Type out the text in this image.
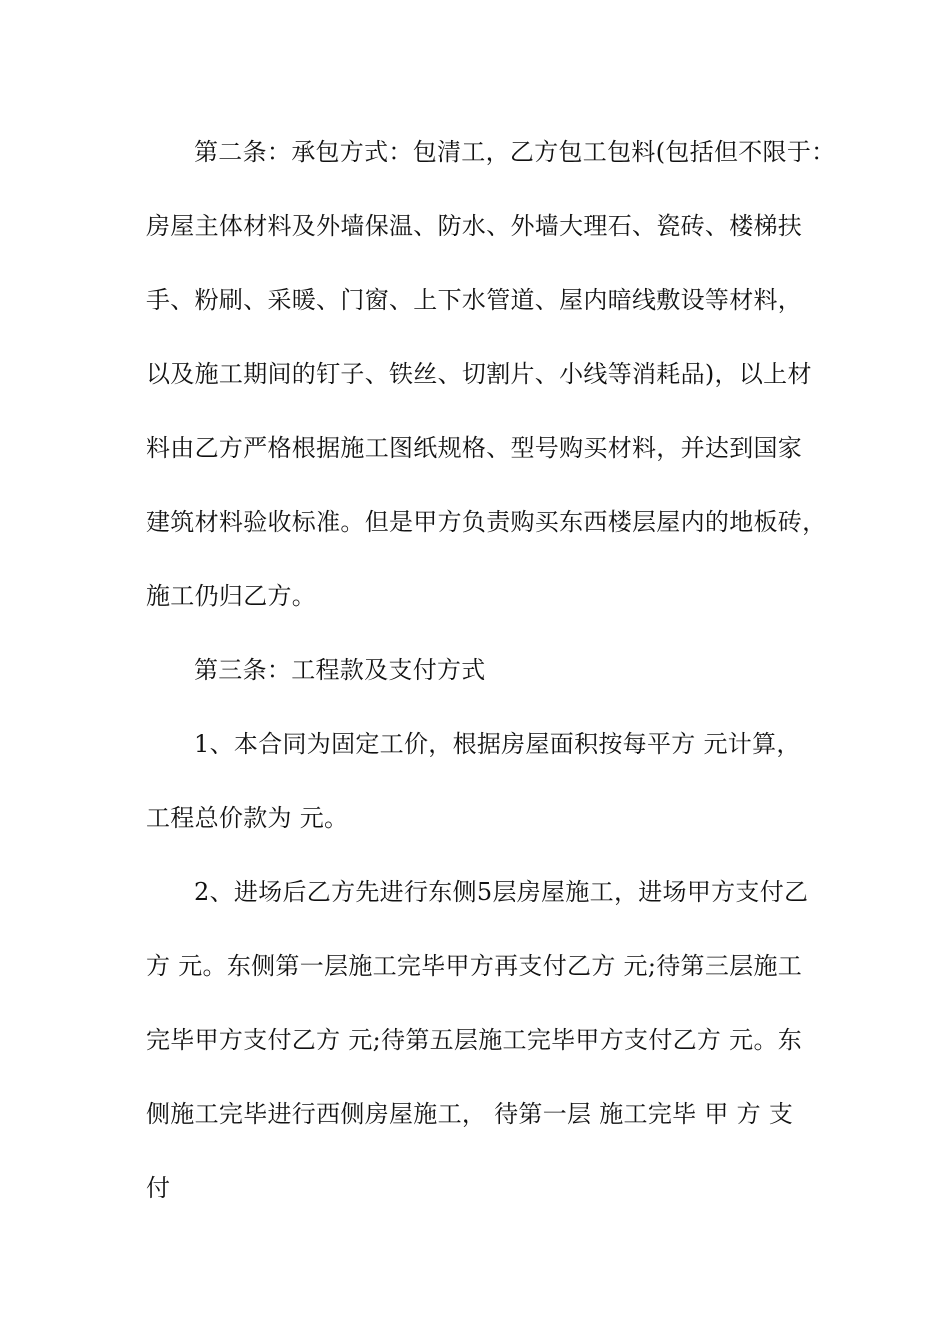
第二条：承包方式：包清工，乙方包工包料(包括但不限于：
房屋主体材料及外墙保温、防水、外墙大理石、瓷砖、楼梯扶
手、粉刷、采暖、门窗、上下水管道、屋内暗线敷设等材料，
以及施工期间的钉子、铁丝、切割片、小线等消耗品)，以上材
料由乙方严格根据施工图纸规格、型号购买材料，并达到国家
建筑材料验收标准。但是甲方负责购买东西楼层屋内的地板砖，
施工仍归乙方。
第三条：工程款及支付方式
1、本合同为固定工价，根据房屋面积按每平方 元计算，
工程总价款为 元。
2、进场后乙方先进行东侧5层房屋施工，进场甲方支付乙
方 元。东侧第一层施工完毕甲方再支付乙方 元;待第三层施工
完毕甲方支付乙方 元;待第五层施工完毕甲方支付乙方 元。东
侧施工完毕进行西侧房屋施工， 待第一层 施工完毕 甲 方 支
付
